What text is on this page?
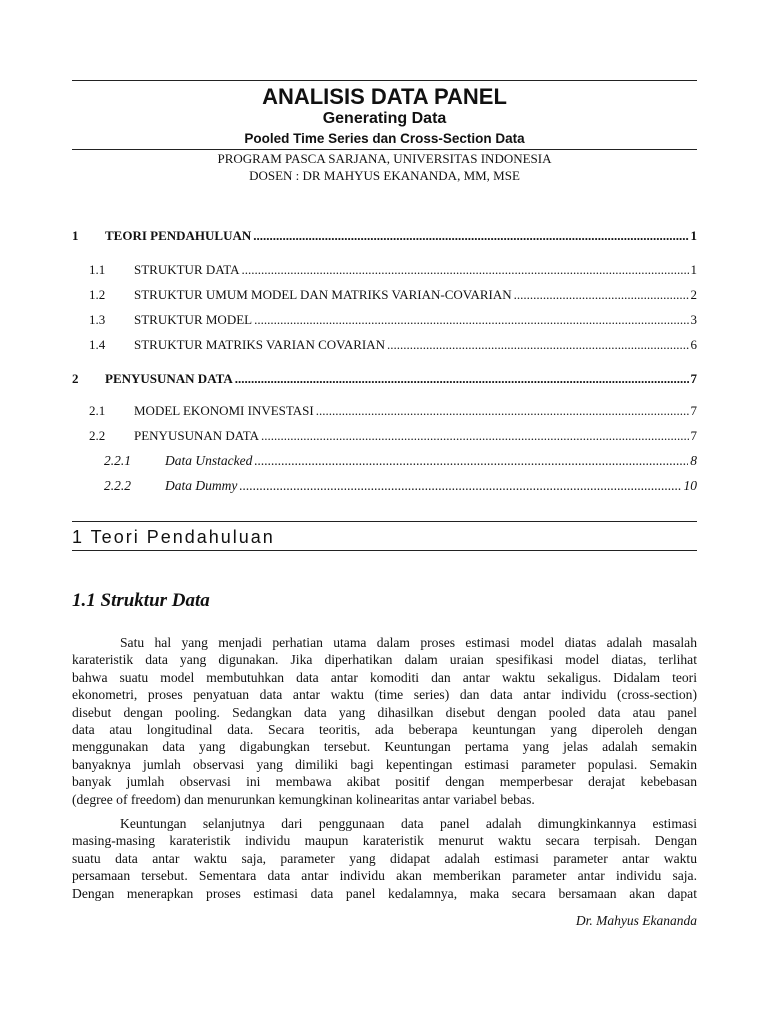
ANALISIS DATA PANEL
Generating Data
Pooled Time Series dan Cross-Section Data
PROGRAM PASCA SARJANA, UNIVERSITAS INDONESIA
DOSEN : DR MAHYUS EKANANDA, MM, MSE
1	TEORI PENDAHULUAN .....	1
1.1	STRUKTUR DATA .....	1
1.2	STRUKTUR UMUM MODEL DAN MATRIKS VARIAN-COVARIAN .....	2
1.3	STRUKTUR MODEL .....	3
1.4	STRUKTUR MATRIKS VARIAN COVARIAN .....	6
2	PENYUSUNAN DATA .....	7
2.1	MODEL EKONOMI INVESTASI .....	7
2.2	PENYUSUNAN DATA .....	7
2.2.1	Data Unstacked .....	8
2.2.2	Data Dummy .....	10
1 Teori Pendahuluan
1.1 Struktur Data
Satu hal yang menjadi perhatian utama dalam proses estimasi model diatas adalah masalah
karateristik data yang digunakan. Jika diperhatikan dalam uraian spesifikasi model diatas, terlihat
bahwa suatu model membutuhkan data antar komoditi dan antar waktu sekaligus. Didalam teori
ekonometri, proses penyatuan data antar waktu (time series) dan data antar individu (cross-section)
disebut dengan pooling. Sedangkan data yang dihasilkan disebut dengan pooled data atau panel
data atau longitudinal data. Secara teoritis, ada beberapa keuntungan yang diperoleh dengan
menggunakan data yang digabungkan tersebut. Keuntungan pertama yang jelas adalah semakin
banyaknya jumlah observasi yang dimiliki bagi kepentingan estimasi parameter populasi. Semakin
banyak jumlah observasi ini membawa akibat positif dengan memperbesar derajat kebebasan
(degree of freedom) dan menurunkan kemungkinan kolinearitas antar variabel bebas.
Keuntungan selanjutnya dari penggunaan data panel adalah dimungkinkannya estimasi
masing-masing karateristik individu maupun karateristik menurut waktu secara terpisah. Dengan
suatu data antar waktu saja, parameter yang didapat adalah estimasi parameter antar waktu
persamaan tersebut. Sementara data antar individu akan memberikan parameter antar individu saja.
Dengan menerapkan proses estimasi data panel kedalamnya, maka secara bersamaan akan dapat
Dr. Mahyus Ekananda
